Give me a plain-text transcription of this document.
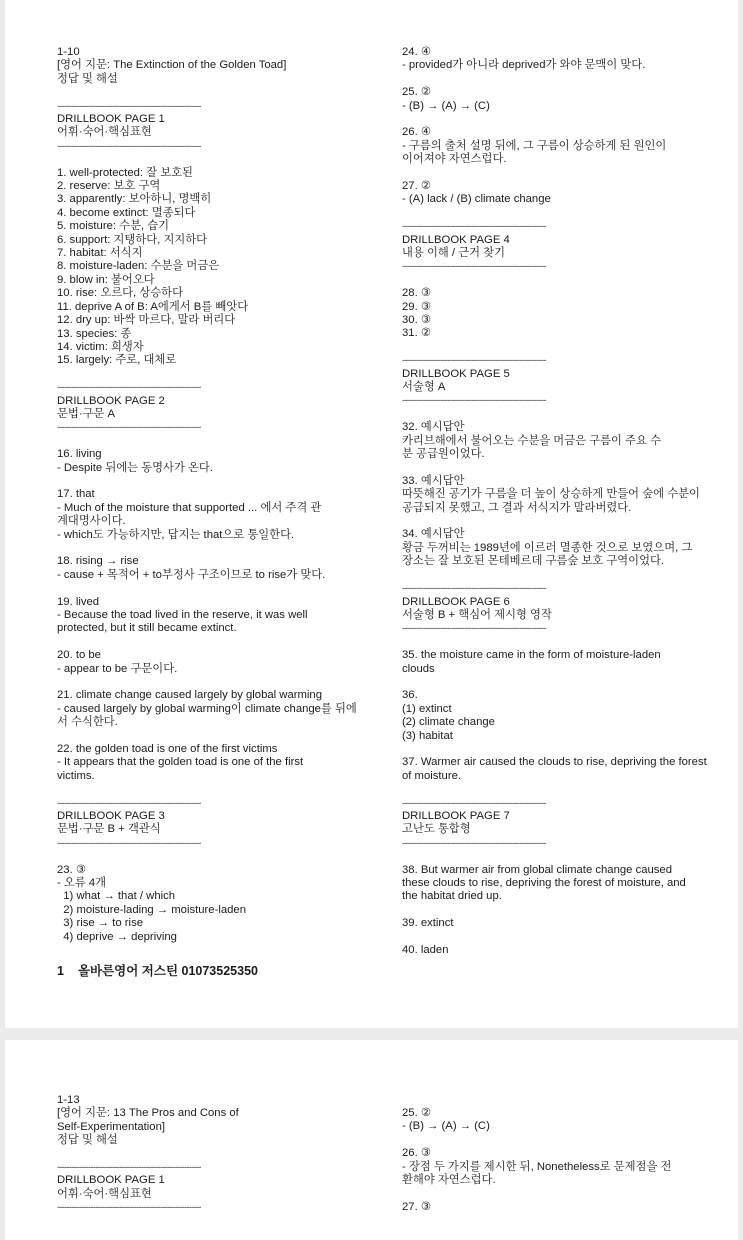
1-10
[영어 지문: The Extinction of the Golden Toad]
정답 및 해설
------------------------------------------------------------
DRILLBOOK PAGE 1
어휘·숙어·핵심표현
------------------------------------------------------------
1. well-protected: 잘 보호된
2. reserve: 보호 구역
3. apparently: 보아하니, 명백히
4. become extinct: 멸종되다
5. moisture: 수분, 습기
6. support: 지탱하다, 지지하다
7. habitat: 서식지
8. moisture-laden: 수분을 머금은
9. blow in: 불어오다
10. rise: 오르다, 상승하다
11. deprive A of B: A에게서 B를 빼앗다
12. dry up: 바싹 마르다, 말라 버리다
13. species: 종
14. victim: 희생자
15. largely: 주로, 대체로
------------------------------------------------------------
DRILLBOOK PAGE 2
문법·구문 A
------------------------------------------------------------
16. living
- Despite 뒤에는 동명사가 온다.
17. that
- Much of the moisture that supported ... 에서 주격 관계대명사이다.
- which도 가능하지만, 답지는 that으로 통일한다.
18. rising → rise
- cause + 목적어 + to부정사 구조이므로 to rise가 맞다.
19. lived
- Because the toad lived in the reserve, it was well protected, but it still became extinct.
20. to be
- appear to be 구문이다.
21. climate change caused largely by global warming
- caused largely by global warming이 climate change를 뒤에서 수식한다.
22. the golden toad is one of the first victims
- It appears that the golden toad is one of the first victims.
------------------------------------------------------------
DRILLBOOK PAGE 3
문법·구문 B + 객관식
------------------------------------------------------------
23. ③
- 오류 4개
1) what → that / which
2) moisture-lading → moisture-laden
3) rise → to rise
4) deprive → depriving
1 올바른영어 저스틴 01073525350
24. ④
- provided가 아니라 deprived가 와야 문맥이 맞다.
25. ②
- (B) → (A) → (C)
26. ④
- 구름의 출처 설명 뒤에, 그 구름이 상승하게 된 원인이 이어져야 자연스럽다.
27. ②
- (A) lack / (B) climate change
------------------------------------------------------------
DRILLBOOK PAGE 4
내용 이해 / 근거 찾기
------------------------------------------------------------
28. ③
29. ③
30. ③
31. ②
------------------------------------------------------------
DRILLBOOK PAGE 5
서술형 A
------------------------------------------------------------
32. 예시답안
카리브해에서 불어오는 수분을 머금은 구름이 주요 수분 공급원이었다.
33. 예시답안
따뜻해진 공기가 구름을 더 높이 상승하게 만들어 숲에 수분이 공급되지 못했고, 그 결과 서식지가 말라버렸다.
34. 예시답안
황금 두꺼비는 1989년에 이르러 멸종한 것으로 보였으며, 그 장소는 잘 보호된 몬테베르데 구름숲 보호 구역이었다.
------------------------------------------------------------
DRILLBOOK PAGE 6
서술형 B + 핵심어 제시형 영작
------------------------------------------------------------
35. the moisture came in the form of moisture-laden clouds
36.
(1) extinct
(2) climate change
(3) habitat
37. Warmer air caused the clouds to rise, depriving the forest of moisture.
------------------------------------------------------------
DRILLBOOK PAGE 7
고난도 통합형
------------------------------------------------------------
38. But warmer air from global climate change caused these clouds to rise, depriving the forest of moisture, and the habitat dried up.
39. extinct
40. laden
1-13
[영어 지문: 13 The Pros and Cons of Self-Experimentation]
정답 및 해설
------------------------------------------------------------
DRILLBOOK PAGE 1
어휘·숙어·핵심표현
------------------------------------------------------------
25. ②
- (B) → (A) → (C)
26. ③
- 장점 두 가지를 제시한 뒤, Nonetheless로 문제점을 전환해야 자연스럽다.
27. ③
